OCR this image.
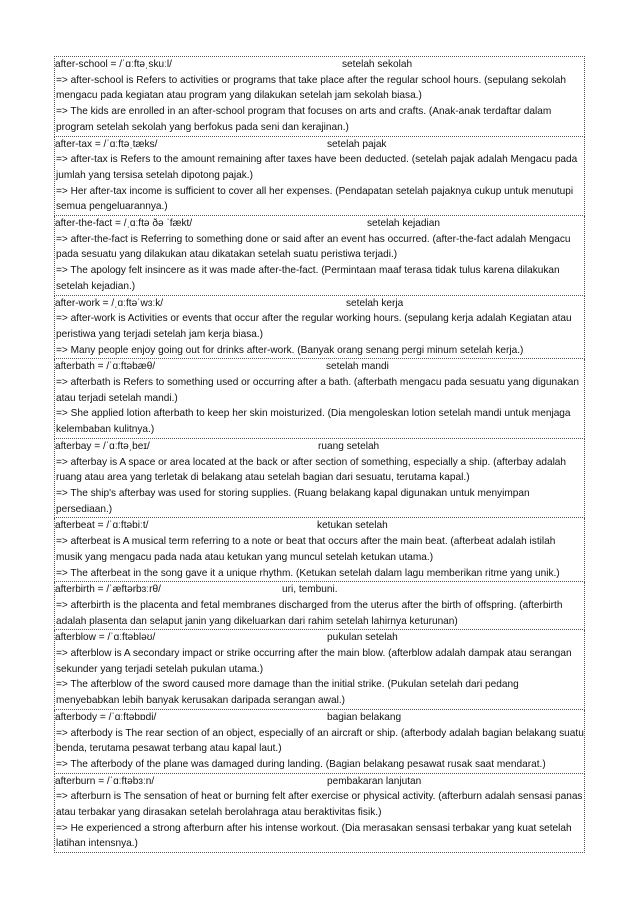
after-school = /ˈɑːftəˌskuːl/	setelah sekolah
=> after-school is Refers to activities or programs that take place after the regular school hours. (sepulang sekolah mengacu pada kegiatan atau program yang dilakukan setelah jam sekolah biasa.)
=> The kids are enrolled in an after-school program that focuses on arts and crafts. (Anak-anak terdaftar dalam program setelah sekolah yang berfokus pada seni dan kerajinan.)
after-tax = /ˈɑːftəˌtæks/	setelah pajak
=> after-tax is Refers to the amount remaining after taxes have been deducted. (setelah pajak adalah Mengacu pada jumlah yang tersisa setelah dipotong pajak.)
=> Her after-tax income is sufficient to cover all her expenses. (Pendapatan setelah pajaknya cukup untuk menutupi semua pengeluarannya.)
after-the-fact = /ˌɑːftə ðə ˈfækt/	setelah kejadian
=> after-the-fact is Referring to something done or said after an event has occurred. (after-the-fact adalah Mengacu pada sesuatu yang dilakukan atau dikatakan setelah suatu peristiwa terjadi.)
=> The apology felt insincere as it was made after-the-fact. (Permintaan maaf terasa tidak tulus karena dilakukan setelah kejadian.)
after-work = /ˌɑːftəˈwɜːk/	setelah kerja
=> after-work is Activities or events that occur after the regular working hours. (sepulang kerja adalah Kegiatan atau peristiwa yang terjadi setelah jam kerja biasa.)
=> Many people enjoy going out for drinks after-work. (Banyak orang senang pergi minum setelah kerja.)
afterbath = /ˈɑːftəbæθ/	setelah mandi
=> afterbath is Refers to something used or occurring after a bath. (afterbath mengacu pada sesuatu yang digunakan atau terjadi setelah mandi.)
=> She applied lotion afterbath to keep her skin moisturized. (Dia mengoleskan lotion setelah mandi untuk menjaga kelembaban kulitnya.)
afterbay = /ˈɑːftəˌbeɪ/	ruang setelah
=> afterbay is A space or area located at the back or after section of something, especially a ship. (afterbay adalah ruang atau area yang terletak di belakang atau setelah bagian dari sesuatu, terutama kapal.)
=> The ship's afterbay was used for storing supplies. (Ruang belakang kapal digunakan untuk menyimpan persediaan.)
afterbeat = /ˈɑːftəbiːt/	ketukan setelah
=> afterbeat is A musical term referring to a note or beat that occurs after the main beat. (afterbeat adalah istilah musik yang mengacu pada nada atau ketukan yang muncul setelah ketukan utama.)
=> The afterbeat in the song gave it a unique rhythm. (Ketukan setelah dalam lagu memberikan ritme yang unik.)
afterbirth = /ˈæftərbɜːrθ/	uri, tembuni.
=> afterbirth is the placenta and fetal membranes discharged from the uterus after the birth of offspring. (afterbirth adalah plasenta dan selaput janin yang dikeluarkan dari rahim setelah lahirnya keturunan)
afterblow = /ˈɑːftəbləʊ/	pukulan setelah
=> afterblow is A secondary impact or strike occurring after the main blow. (afterblow adalah dampak atau serangan sekunder yang terjadi setelah pukulan utama.)
=> The afterblow of the sword caused more damage than the initial strike. (Pukulan setelah dari pedang menyebabkan lebih banyak kerusakan daripada serangan awal.)
afterbody = /ˈɑːftəbɒdi/	bagian belakang
=> afterbody is The rear section of an object, especially of an aircraft or ship. (afterbody adalah bagian belakang suatu benda, terutama pesawat terbang atau kapal laut.)
=> The afterbody of the plane was damaged during landing. (Bagian belakang pesawat rusak saat mendarat.)
afterburn = /ˈɑːftəbɜːn/	pembakaran lanjutan
=> afterburn is The sensation of heat or burning felt after exercise or physical activity. (afterburn adalah sensasi panas atau terbakar yang dirasakan setelah berolahraga atau beraktivitas fisik.)
=> He experienced a strong afterburn after his intense workout. (Dia merasakan sensasi terbakar yang kuat setelah latihan intensnya.)
